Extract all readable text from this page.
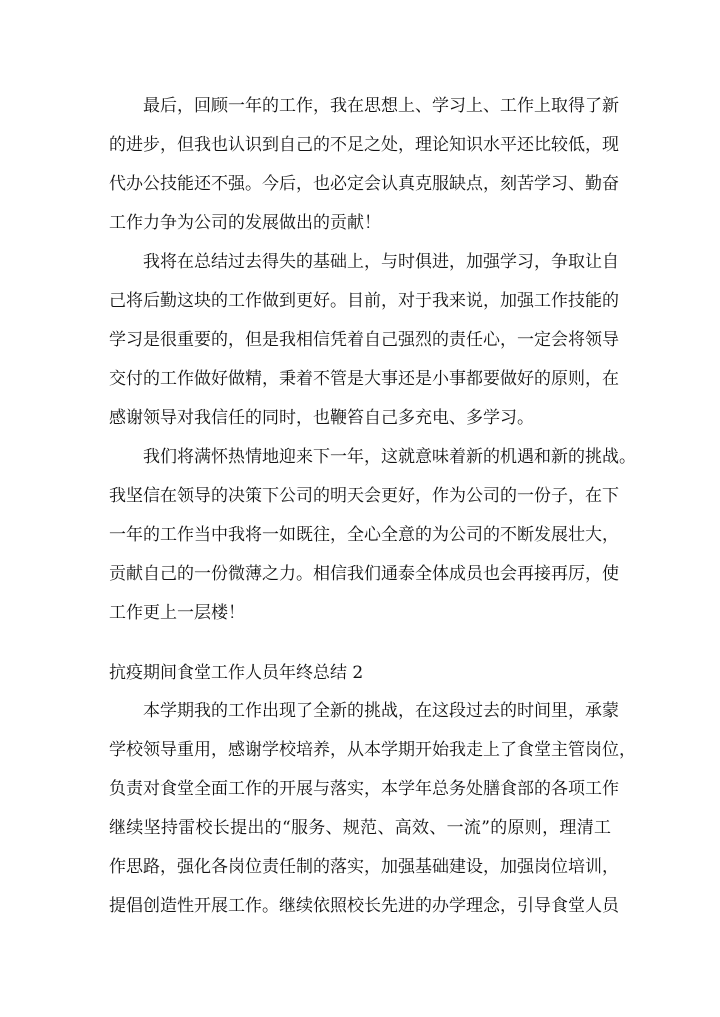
最后，回顾一年的工作，我在思想上、学习上、工作上取得了新
的进步，但我也认识到自己的不足之处，理论知识水平还比较低，现
代办公技能还不强。今后，也必定会认真克服缺点，刻苦学习、勤奋
工作力争为公司的发展做出的贡献！
我将在总结过去得失的基础上，与时俱进，加强学习，争取让自
己将后勤这块的工作做到更好。目前，对于我来说，加强工作技能的
学习是很重要的，但是我相信凭着自己强烈的责任心，一定会将领导
交付的工作做好做精，秉着不管是大事还是小事都要做好的原则，在
感谢领导对我信任的同时，也鞭笞自己多充电、多学习。
我们将满怀热情地迎来下一年，这就意味着新的机遇和新的挑战。
我坚信在领导的决策下公司的明天会更好，作为公司的一份子，在下
一年的工作当中我将一如既往，全心全意的为公司的不断发展壮大，
贡献自己的一份微薄之力。相信我们通泰全体成员也会再接再厉，使
工作更上一层楼！
抗疫期间食堂工作人员年终总结 2
本学期我的工作出现了全新的挑战，在这段过去的时间里，承蒙
学校领导重用，感谢学校培养，从本学期开始我走上了食堂主管岗位，
负责对食堂全面工作的开展与落实，本学年总务处膳食部的各项工作
继续坚持雷校长提出的“服务、规范、高效、一流”的原则，理清工
作思路，强化各岗位责任制的落实，加强基础建设，加强岗位培训，
提倡创造性开展工作。继续依照校长先进的办学理念，引导食堂人员
